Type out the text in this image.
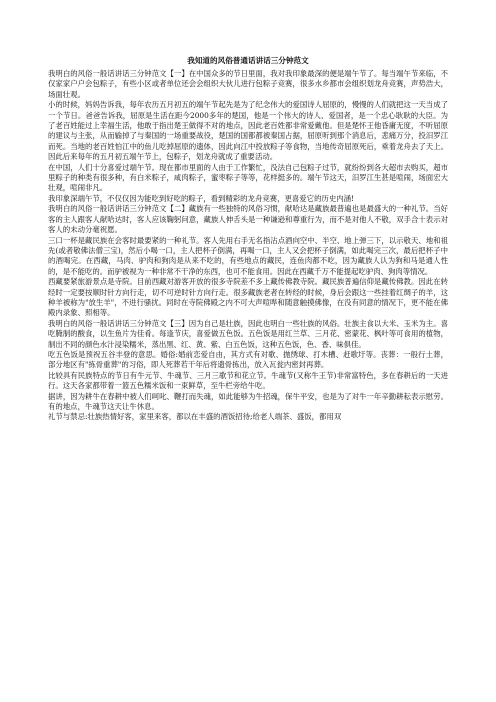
我知道的风俗普通话讲话三分钟范文

我明白的风俗一般话讲话三分钟范文【一】在中国众多的节日里面，我对我印象最深的便是端午节了。每当端午节来临，不仅家家户户会包粽子，有些小区或者单位还会会组织大伙儿进行包粽子竞赛，很多水乡都市会组织划龙舟竞赛，声势浩大，场面壮观。

小的时候，妈妈告诉我，每年农历五月初五的端午节起先是为了纪念伟大的爱国诗人屈原的，慢慢的人们就把这一天当成了一个节日。爸爸告诉我，屈原是生活在距今2000多年的楚国，他是一个伟大的诗人、爱国者，是一个忠心耿耿的大臣。为了老百姓能过上幸福生活，他敢于指出楚王做得不对的地点，因此老百姓都非常爱戴他。但是楚怀王他昏庸无度，不听屈原的建议与主张，从而输掉了与秦国的一场重要战役，楚国的国都都被秦国占据，屈原听到那个消息后，悲痛万分，投汨罗江而死。当地的老百姓怕江中的鱼儿吃掉屈原的遗体，因此向江中投放粽子等食物，当地传奇屈原死后，乘着龙舟去了天上。因此后来每年的五月初五端午节上，包粽子，划龙舟就成了重要活动。

在中国，人们十分喜爱过端午节。现在都市里面的人由于工作繁忙，没法自己包粽子过节，就纷纷到各大超市去购买，超市里粽子的种类有很多种，有白米粽子，咸肉粽子，蜜枣粽子等等，花样挺多的。端午节这天，汨罗江生甚是喧闹，场面宏大壮观，喧闹非凡。

我印象深端午节，不仅仅因为能吃到好吃的粽子，看到精彩的龙舟竞赛，更喜爱它的历史内涵!

我明白的风俗一般话讲话三分钟范文【二】藏族有一些独特的风俗习惯，献哈达是藏族最普遍也是最盛大的一种礼节。当好客的主人跟客人献哈达时，客人应该鞠躬问意，藏族人伸舌头是一种谦逊和尊重行为，而不是对他人不敬，双手合十表示对客人的未动分毫祝愿。

三口一杯是藏民族在会客时最要紧的一种礼节。客人先用右手无名指沾点酒向空中、半空、地上弹三下，以示敬天、地和祖先(或者敬佛法僧三宝)，然后小喝一口，主人把杯子倒满，再喝一口，主人又会把杯子倒满，如此喝完三次，最后把杯子中的酒喝完。在西藏，马肉、驴肉和狗肉是从来不吃的，有些地点的藏民，连鱼肉都不吃，因为藏族人认为狗和马是通人性的，是不能吃的。而驴被视为一种非常不干净的东西，也可不能食用。因此在西藏千万不能提起吃驴肉、狗肉等情况。

西藏要紧旅游景点是寺院。目前西藏对游客开放的很多寺院差不多上藏传佛教寺院。藏民族普遍信仰是藏传佛教。因此在转经时一定要按顺时针方向行走，切不可逆时针方向行走。很多藏族老者在转经的时候，身后会跟这一些挂着红绸子的羊，这种羊被称为"放生羊"，不进行骚扰。同时在寺院佛殿之内不可大声喧哗和随意触摸佛像，在没有同意的情况下，更不能在佛殿内录象、照相等。

我明白的风俗一般话讲话三分钟范文【三】因为自己是壮族，因此也明白一些壮族的风俗。壮族主食以大米、玉米为主。喜吃腌制的酸食，以生鱼片为佳肴。每逢节庆，喜爱做五色饭。五色饭是用红兰草、三月花、密蒙花、枫叶等可食用的植物，制出不同的颜色水汁浸染糯米，蒸出黑、红、黄、紫、白五色饭，这种五色饭，色、香、味俱佳。

吃五色饭是预祝五谷丰登的意思。婚俗:婚前恋爱自由，其方式有对歌、抛绣球、打木槽、赶歌圩等。丧葬：一般行土葬，部分地区有"拣骨重葬"的习俗，即人死葬若干年后将遗骨拣出，放入瓦瓮内密封再葬。

比较具有民族特点的节日有牛元节、牛魂节、三月三歌节和花立节。牛魂节(又称牛王节)非常富特色，多在春耕后的一天进行。这天各家都带着一篮五色糯米饭和一束鲜草，至牛栏旁给牛吃。

据讲，因为耕牛在春耕中被人们呵叱、鞭打而失魂，如此能够为牛招魂，保牛平安，也是为了对牛一年辛勤耕耘表示慰劳。有的地点，牛魂节这天让牛休息。

礼节与禁忌:壮族热情好客，家里来客，都以在丰盛的酒饭招待;给老人端茶、盛饭，都用双
